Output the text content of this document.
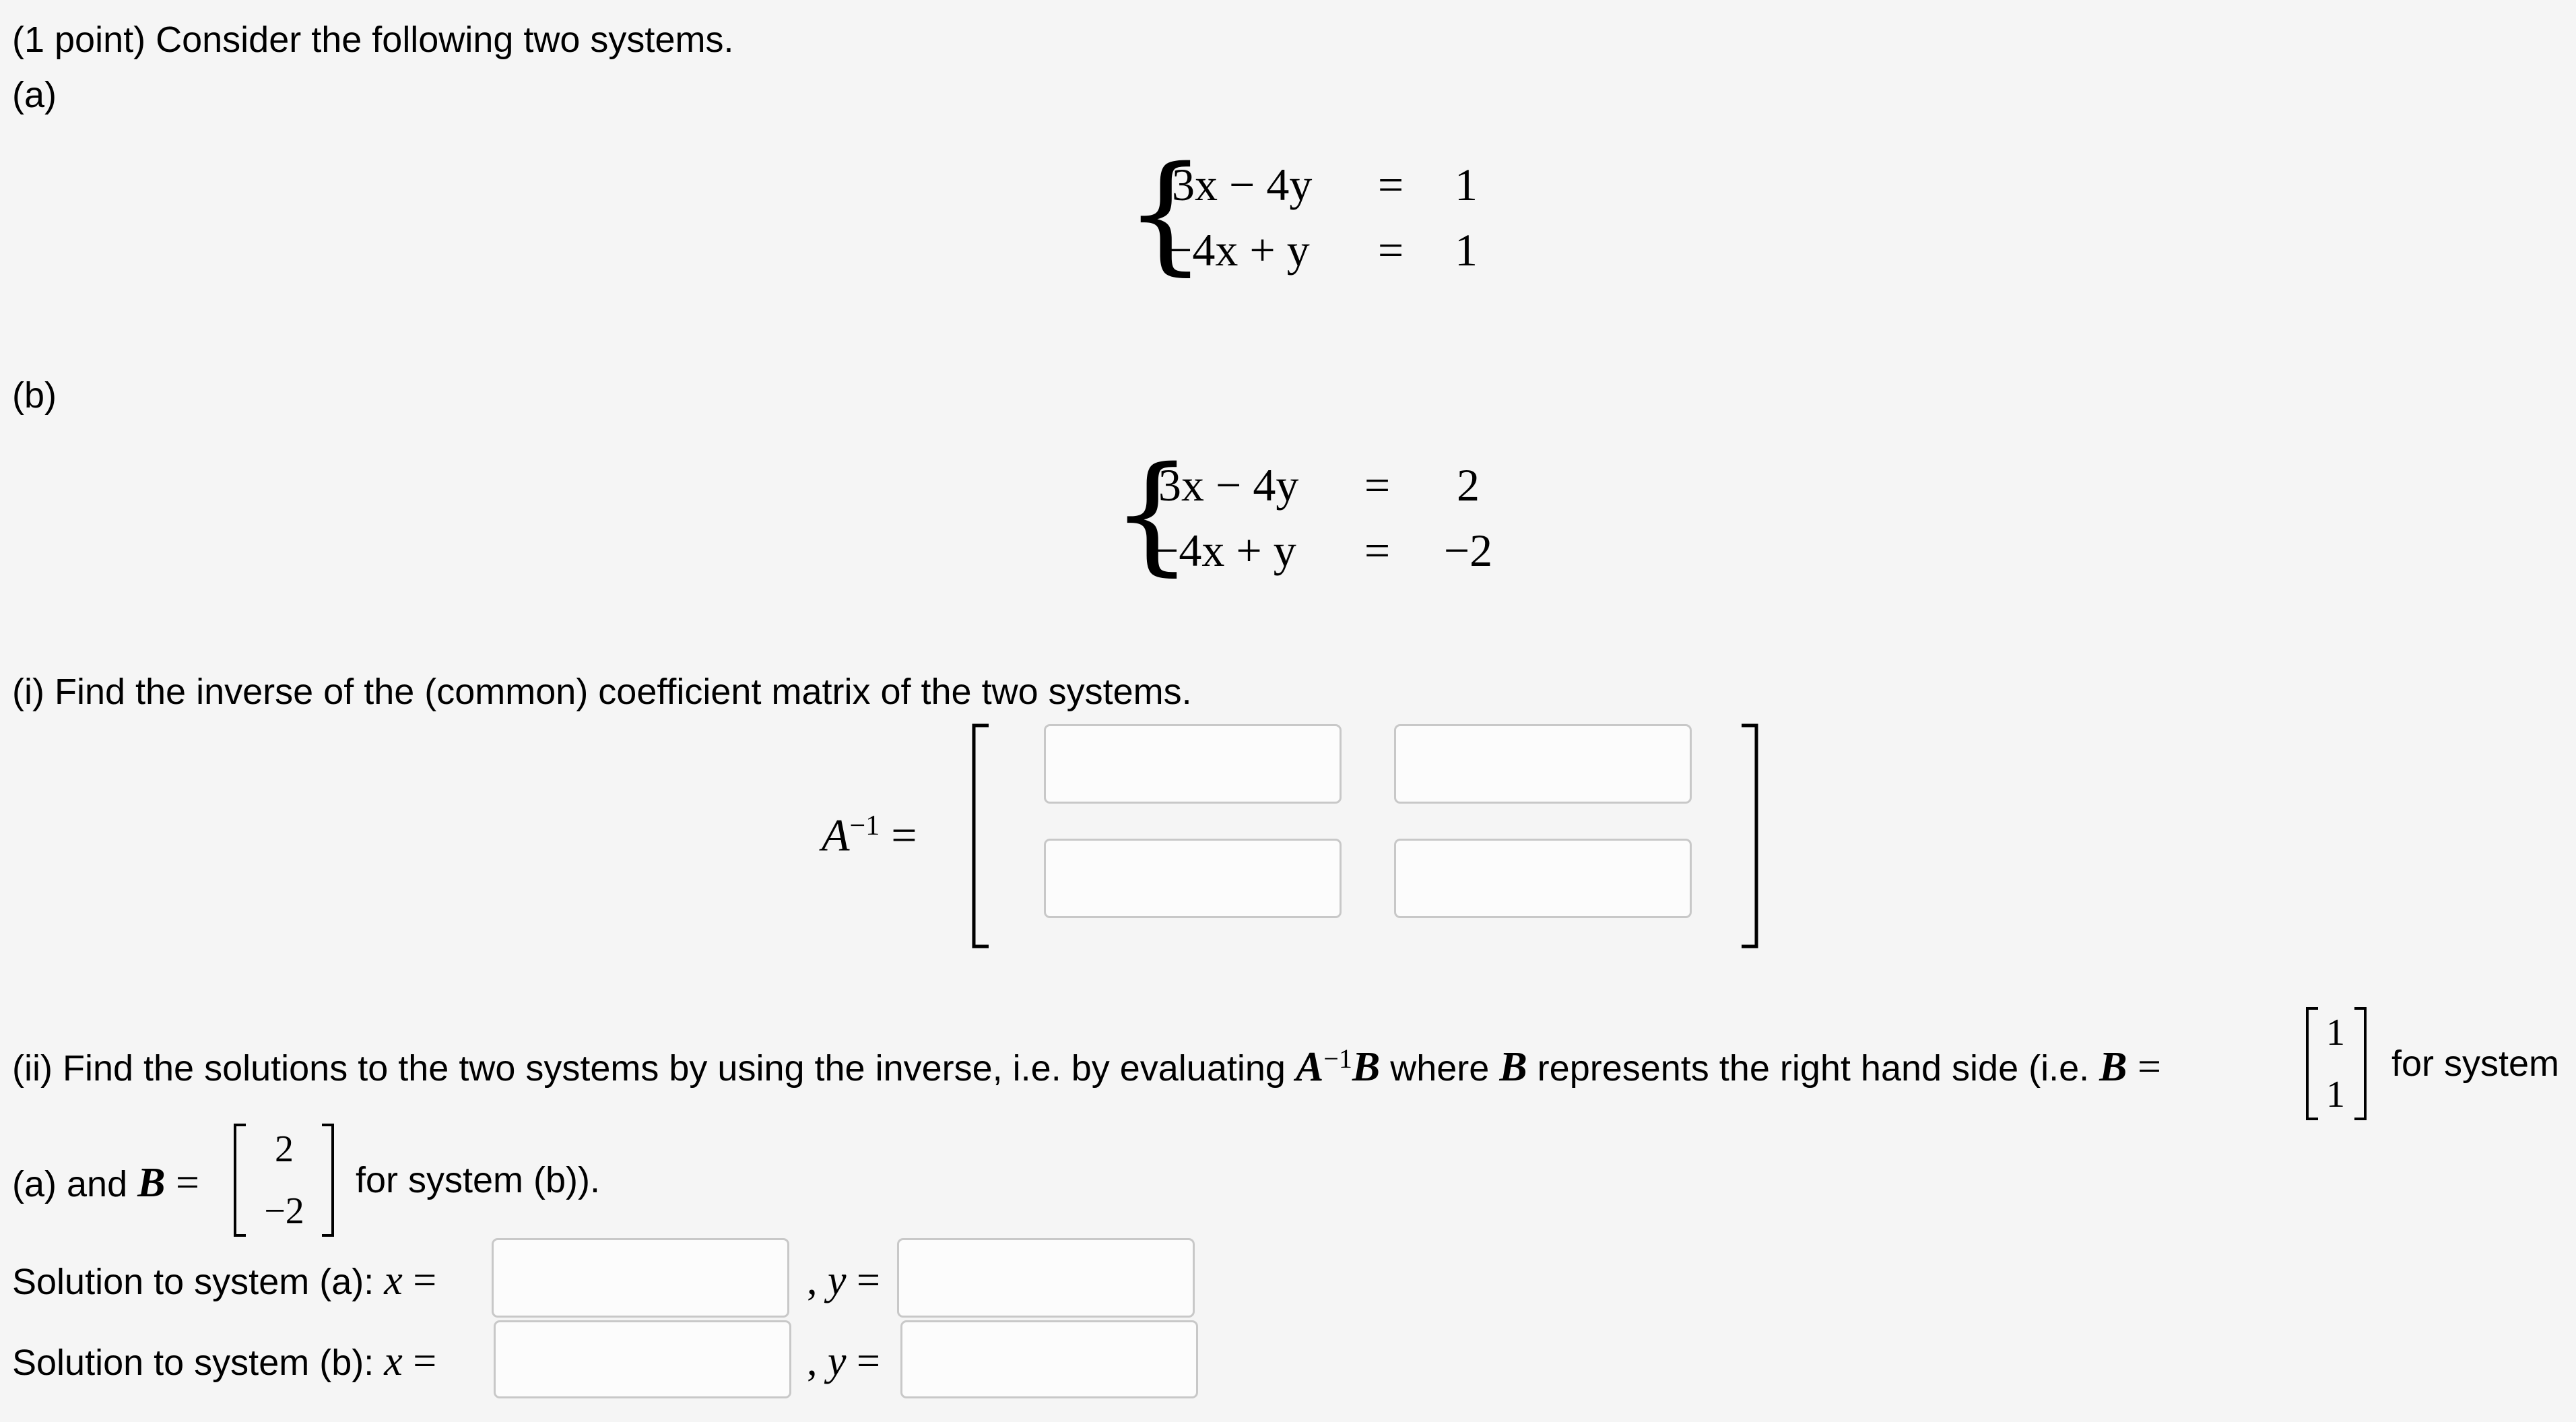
(1 point) Consider the following two systems.
(a)
{
3x − 4y	=	1
−4x + y	=	1
(b)
{
3x − 4y	=	2
−4x + y	=	−2
(i) Find the inverse of the (common) coefficient matrix of the two systems.
$A^{-1}$ =
(ii) Find the solutions to the two systems by using the inverse, i.e. by evaluating $A^{-1}B$ where B represents the right hand side (i.e. B =
1
1
for system
(a) and B =
2
−2
for system (b)).
Solution to system (a): x =	, y =
Solution to system (b): x =	, y =
